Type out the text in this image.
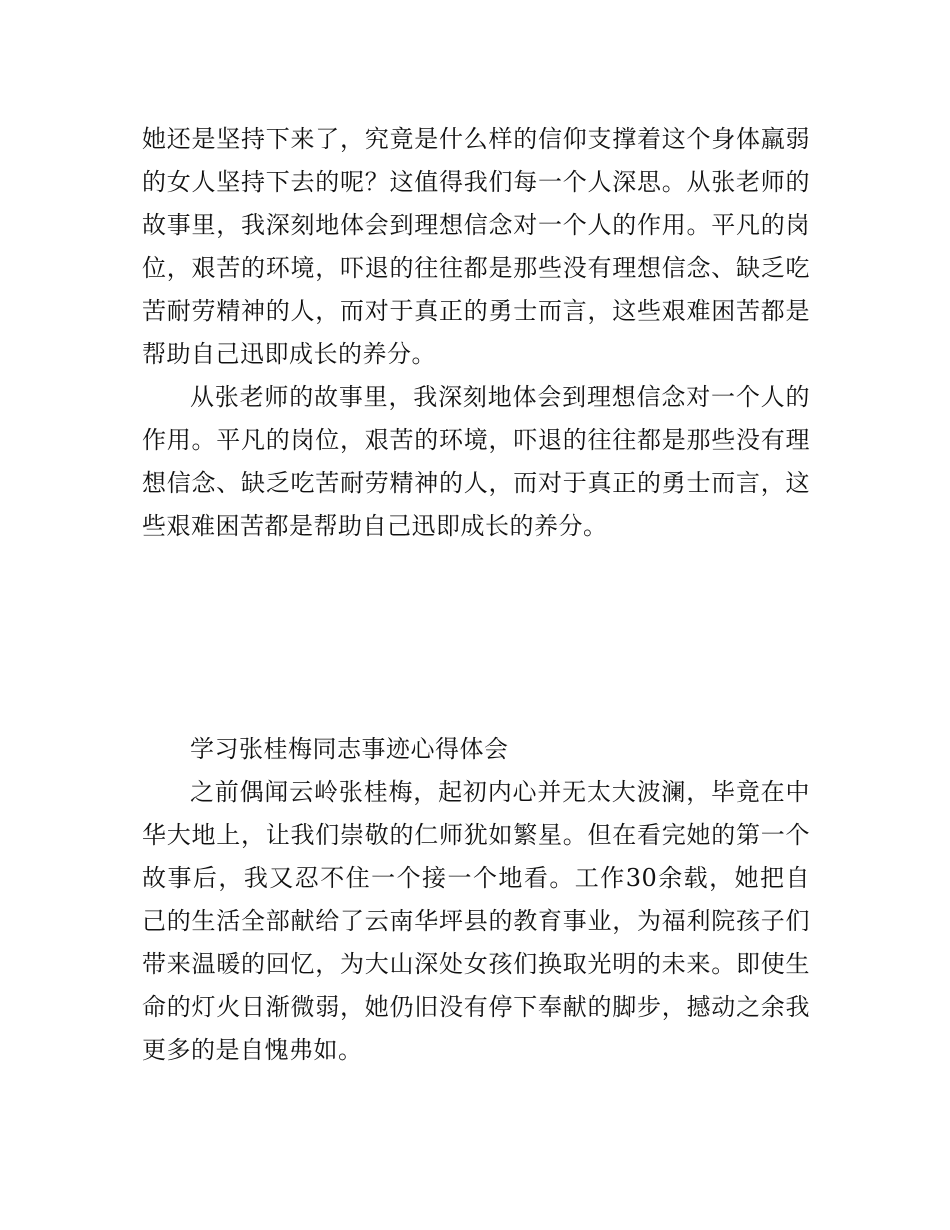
她还是坚持下来了，究竟是什么样的信仰支撑着这个身体羸弱的女人坚持下去的呢？这值得我们每一个人深思。从张老师的故事里，我深刻地体会到理想信念对一个人的作用。平凡的岗位，艰苦的环境，吓退的往往都是那些没有理想信念、缺乏吃苦耐劳精神的人，而对于真正的勇士而言，这些艰难困苦都是帮助自己迅即成长的养分。

从张老师的故事里，我深刻地体会到理想信念对一个人的作用。平凡的岗位，艰苦的环境，吓退的往往都是那些没有理想信念、缺乏吃苦耐劳精神的人，而对于真正的勇士而言，这些艰难困苦都是帮助自己迅即成长的养分。

学习张桂梅同志事迹心得体会

之前偶闻云岭张桂梅，起初内心并无太大波澜，毕竟在中华大地上，让我们崇敬的仁师犹如繁星。但在看完她的第一个故事后，我又忍不住一个接一个地看。工作30余载，她把自己的生活全部献给了云南华坪县的教育事业，为福利院孩子们带来温暖的回忆，为大山深处女孩们换取光明的未来。即使生命的灯火日渐微弱，她仍旧没有停下奉献的脚步，撼动之余我更多的是自愧弗如。
